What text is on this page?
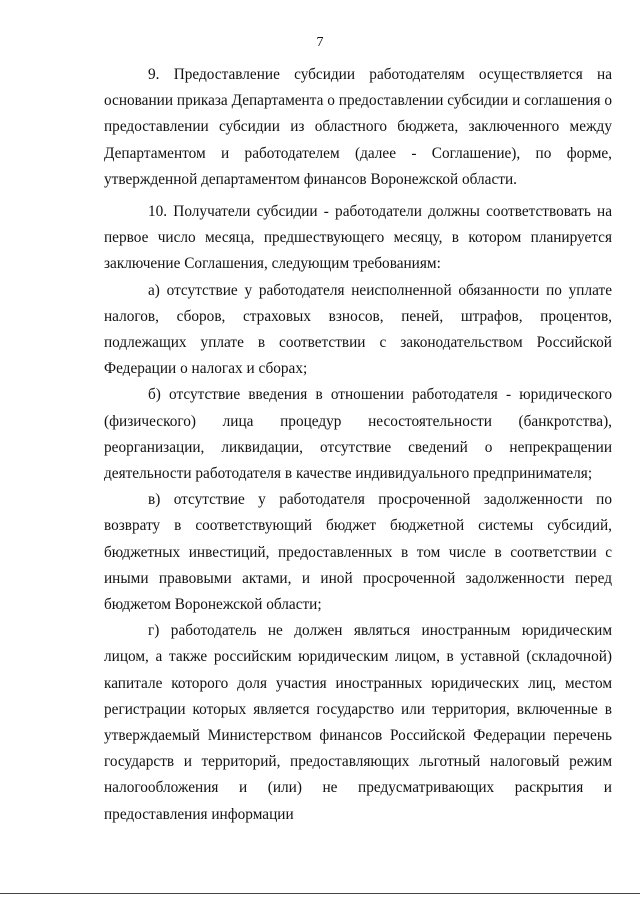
7

9. Предоставление субсидии работодателям осуществляется на основании приказа Департамента о предоставлении субсидии и соглашения о предоставлении субсидии из областного бюджета, заключенного между Департаментом и работодателем (далее - Соглашение), по форме, утвержденной департаментом финансов Воронежской области.

10. Получатели субсидии - работодатели должны соответствовать на первое число месяца, предшествующего месяцу, в котором планируется заключение Соглашения, следующим требованиям:

а) отсутствие у работодателя неисполненной обязанности по уплате налогов, сборов, страховых взносов, пеней, штрафов, процентов, подлежащих уплате в соответствии с законодательством Российской Федерации о налогах и сборах;

б) отсутствие введения в отношении работодателя - юридического (физического) лица процедур несостоятельности (банкротства), реорганизации, ликвидации, отсутствие сведений о непрекращении деятельности работодателя в качестве индивидуального предпринимателя;

в) отсутствие у работодателя просроченной задолженности по возврату в соответствующий бюджет бюджетной системы субсидий, бюджетных инвестиций, предоставленных в том числе в соответствии с иными правовыми актами, и иной просроченной задолженности перед бюджетом Воронежской области;

г) работодатель не должен являться иностранным юридическим лицом, а также российским юридическим лицом, в уставной (складочной) капитале которого доля участия иностранных юридических лиц, местом регистрации которых является государство или территория, включенные в утверждаемый Министерством финансов Российской Федерации перечень государств и территорий, предоставляющих льготный налоговый режим налогообложения и (или) не предусматривающих раскрытия и предоставления информации
